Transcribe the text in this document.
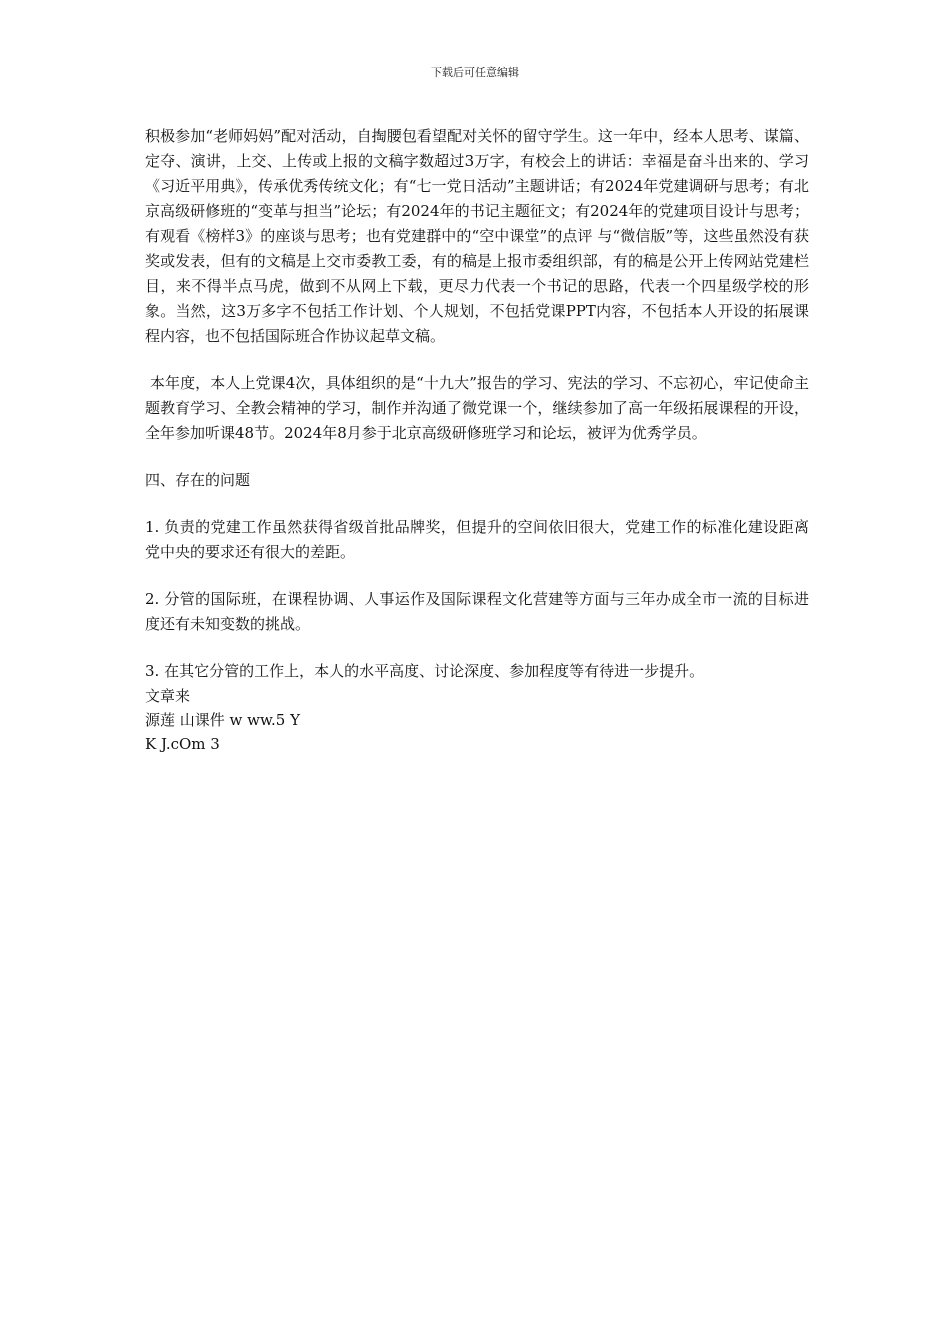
下载后可任意编辑

积极参加“老师妈妈”配对活动，自掏腰包看望配对关怀的留守学生。这一年中，经本人思考、谋篇、定夺、演讲，上交、上传或上报的文稿字数超过3万字，有校会上的讲话：幸福是奋斗出来的、学习《习近平用典》，传承优秀传统文化；有“七一党日活动”主题讲话；有2024年党建调研与思考；有北京高级研修班的“变革与担当”论坛；有2024年的书记主题征文；有2024年的党建项目设计与思考；有观看《榜样3》的座谈与思考；也有党建群中的“空中课堂”的点评 与“微信版”等，这些虽然没有获奖或发表，但有的文稿是上交市委教工委，有的稿是上报市委组织部，有的稿是公开上传网站党建栏目，来不得半点马虎，做到不从网上下载，更尽力代表一个书记的思路，代表一个四星级学校的形象。当然，这3万多字不包括工作计划、个人规划，不包括党课PPT内容，不包括本人开设的拓展课程内容，也不包括国际班合作协议起草文稿。

本年度，本人上党课4次，具体组织的是“十九大”报告的学习、宪法的学习、不忘初心，牢记使命主题教育学习、全教会精神的学习，制作并沟通了微党课一个，继续参加了高一年级拓展课程的开设，全年参加听课48节。2024年8月参于北京高级研修班学习和论坛，被评为优秀学员。

四、存在的问题

1. 负责的党建工作虽然获得省级首批品牌奖，但提升的空间依旧很大，党建工作的标准化建设距离党中央的要求还有很大的差距。

2. 分管的国际班，在课程协调、人事运作及国际课程文化营建等方面与三年办成全市一流的目标进度还有未知变数的挑战。

3. 在其它分管的工作上，本人的水平高度、讨论深度、参加程度等有待进一步提升。

文章来
源莲 山课件 w ww.5 Y
K J.cOm 3
